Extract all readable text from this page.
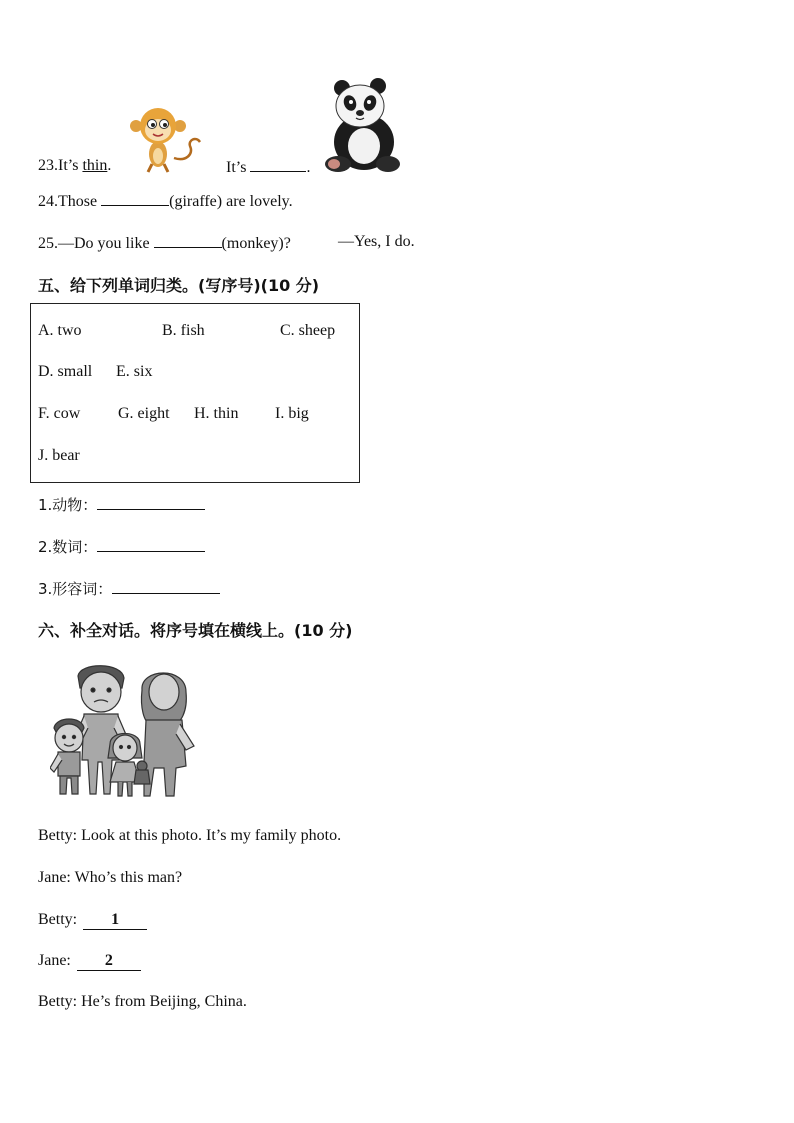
23.It’s thin.	It’s	.
24.Those	(giraffe) are lovely.
25.—Do you like	(monkey)?	—Yes, I do.
五、给下列单词归类。(写序号)(10 分)
A. two	B. fish	C. sheep
D. small E. six
F. cow G. eight H. thin I. big
J. bear
1.动物：
2.数词：
3.形容词：
六、补全对话。将序号填在横线上。(10 分)
Betty: Look at this photo. It’s my family photo.
Jane: Who’s this man?
Betty: 1
Jane: 2
Betty: He’s from Beijing, China.
